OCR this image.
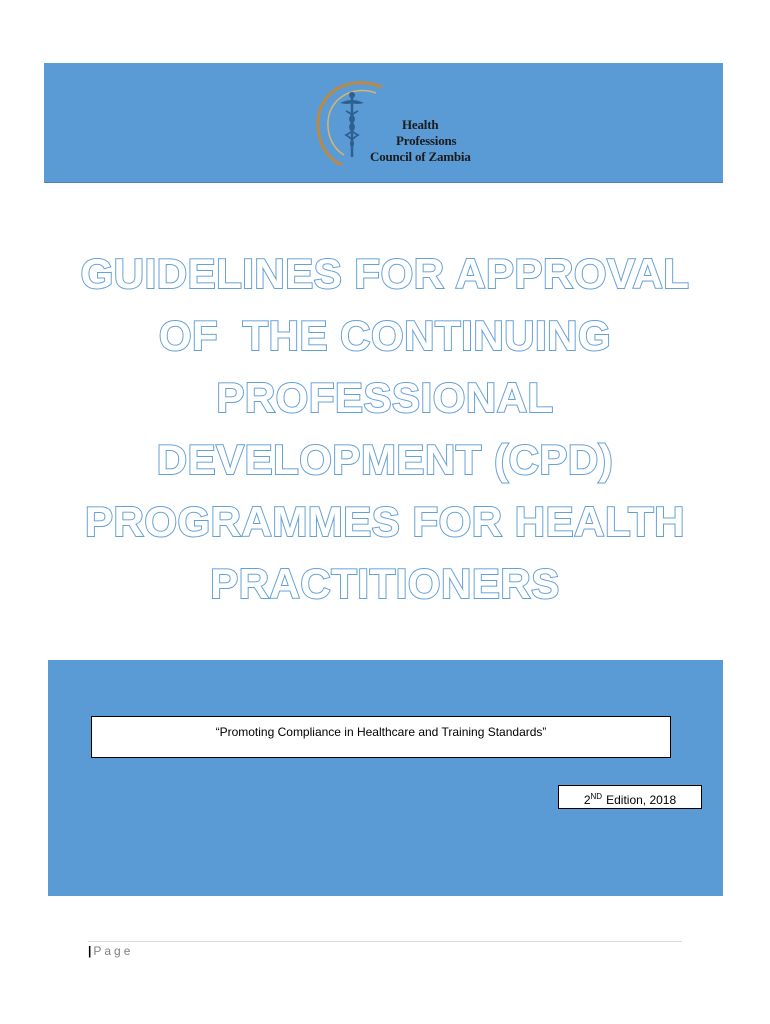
Health
Professions
Council of Zambia
GUIDELINES FOR APPROVAL
OF  THE CONTINUING
PROFESSIONAL
DEVELOPMENT (CPD)
PROGRAMMES FOR HEALTH
PRACTITIONERS
“Promoting Compliance in Healthcare and Training Standards”
2ND Edition, 2018
| Page
